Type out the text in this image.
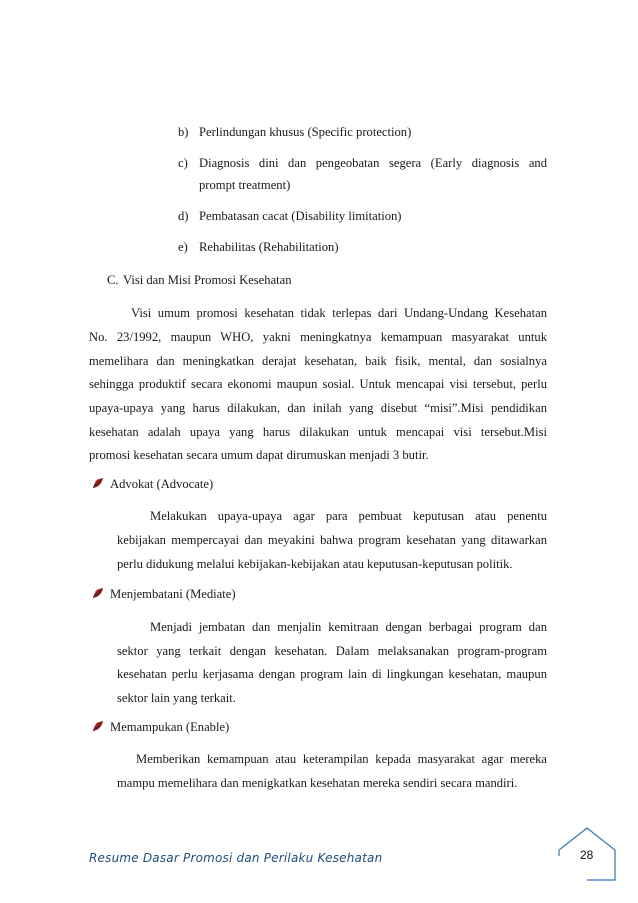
b) Perlindungan khusus (Specific protection)
c) Diagnosis dini dan pengeobatan segera (Early diagnosis and
prompt treatment)
d) Pembatasan cacat (Disability limitation)
e) Rehabilitas (Rehabilitation)
C. Visi dan Misi Promosi Kesehatan
Visi umum promosi kesehatan tidak terlepas dari Undang-Undang Kesehatan
No. 23/1992, maupun WHO, yakni meningkatnya kemampuan masyarakat untuk
memelihara dan meningkatkan derajat kesehatan, baik fisik, mental, dan sosialnya
sehingga produktif secara ekonomi maupun sosial. Untuk mencapai visi tersebut, perlu
upaya-upaya yang harus dilakukan, dan inilah yang disebut “misi”.Misi pendidikan
kesehatan adalah upaya yang harus dilakukan untuk mencapai visi tersebut.Misi
promosi kesehatan secara umum dapat dirumuskan menjadi 3 butir.
Advokat (Advocate)
Melakukan upaya-upaya agar para pembuat keputusan atau penentu
kebijakan mempercayai dan meyakini bahwa program kesehatan yang ditawarkan
perlu didukung melalui kebijakan-kebijakan atau keputusan-keputusan politik.
Menjembatani (Mediate)
Menjadi jembatan dan menjalin kemitraan dengan berbagai program dan
sektor yang terkait dengan kesehatan. Dalam melaksanakan program-program
kesehatan perlu kerjasama dengan program lain di lingkungan kesehatan, maupun
sektor lain yang terkait.
Memampukan (Enable)
Memberikan kemampuan atau keterampilan kepada masyarakat agar mereka
mampu memelihara dan menigkatkan kesehatan mereka sendiri secara mandiri.
Resume Dasar Promosi dan Perilaku Kesehatan	28
